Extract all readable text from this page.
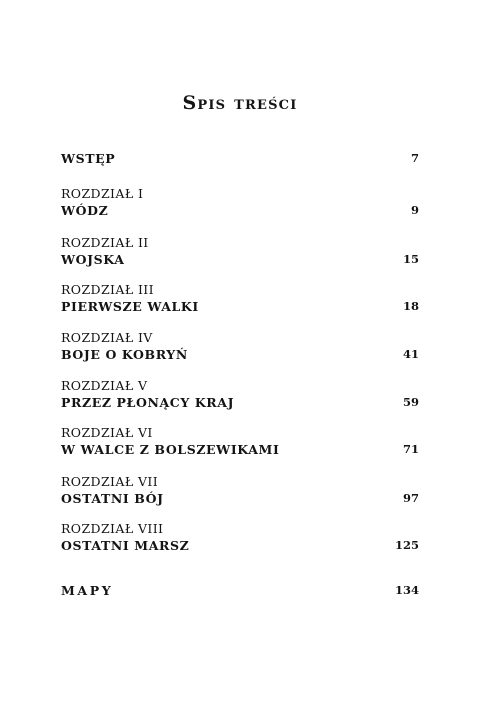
Spis treści
WSTĘP	7
ROZDZIAŁ I
WÓDZ	9
ROZDZIAŁ II
WOJSKA	15
ROZDZIAŁ III
PIERWSZE WALKI	18
ROZDZIAŁ IV
BOJE O KOBRYŃ	41
ROZDZIAŁ V
PRZEZ PŁONĄCY KRAJ	59
ROZDZIAŁ VI
W WALCE Z BOLSZEWIKAMI	71
ROZDZIAŁ VII
OSTATNI BÓJ	97
ROZDZIAŁ VIII
OSTATNI MARSZ	125
MAPY	134
